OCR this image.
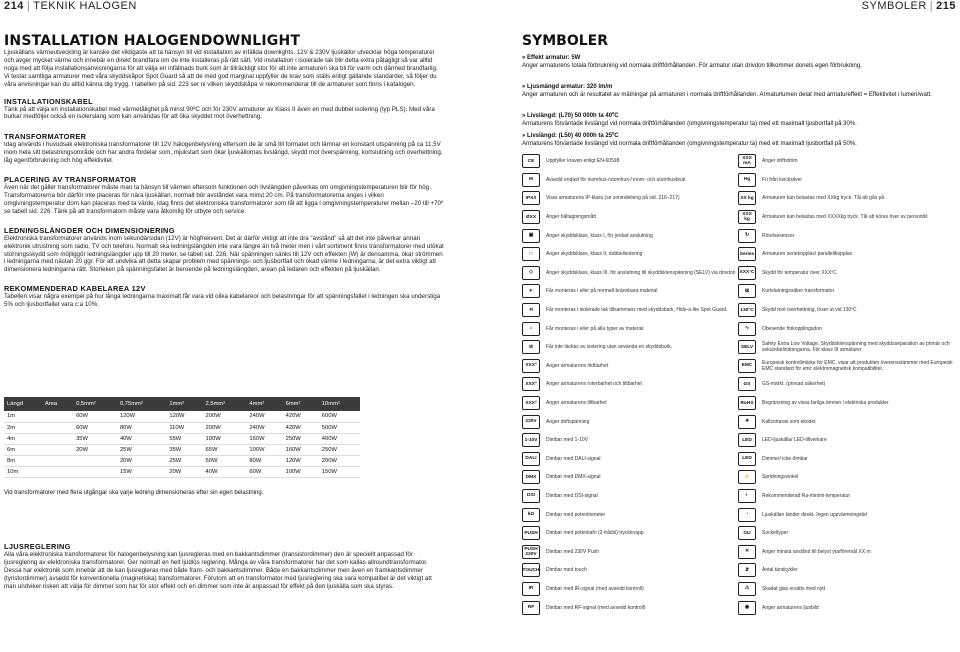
214 | TEKNIK HALOGEN	SYMBOLER | 215
INSTALLATION HALOGENDOWNLIGHT

Ljuskällans värmeutveckling är kanske det viktigaste att ta hänsyn till vid installation av infällda downlights. 12V & 230V ljuskällor utvecklar höga temperaturer och avger mycket värme och innebär en direkt brandfara om de inte installeras på rätt sätt. Vid installation i isolerade tak blir detta extra påtagligt så var alltid noga med att följa installationsanvisningarna för att välja en infällnads burk som är tillräckligt stor för att inte armaturen ska bli för varm och därmed brandfarlig. Vi testar samtliga armaturer med våra skyddskåpor Spot Guard så att de med god marginal uppfyller de krav som ställs enligt gällande standarder, så följer du våra anvisningar kan du alltid känna dig trygg. I tabellen på sid. 223 ser ni vilken skyddskåpa vi rekommenderar till de armaturer som finns i katalogen.

INSTALLATIONSKABEL

Tänk på att välja en installationskabel med värmetålighet på minst 90ºC och för 230V armaturer av Klass II även en med dubbel isolering (typ PLS). Med våra burkar medföljer också en isolerslang som kan användas för att öka skyddet mot överhettning.

TRANSFORMATORER

Idag används i huvudsak elektroniska transformatorer till 12V halogenbelysning eftersom de är små till formatet och lämnar en konstant utspänning på ca 11,5V inom hela sitt belastningsområde och har andra fördelar som, mjukstart som ökar ljuskällornas livslängd, skydd mot överspänning, kortslutning och överhettning, låg egenförbrukning och hög effektivitet.

PLACERING AV TRANSFORMATOR

Även när det gäller transformatorer måste man ta hänsyn till värmen eftersom funktionen och livslängden påverkas om omgivningstemperaturen blir för hög. Transformatorerna bör därför inte placeras för nära ljuskällan, normalt bör avståndet vara minst 20 cm. På transformatorerna anges i vilken omgivningstemperatur dom kan placeras med ta värde, idag finns det elektroniska transformatorer som tål att ligga i omgivningstemperaturer mellan –20 till +70º se tabell sid. 226. Tänk på att transformatorn måste vara åtkomlig för utbyte och service.

LEDNINGSLÄNGDER OCH DIMENSIONERING

Elektroniska transformatorer används inom sekundärsidan (12V) är högfrekvent. Det är därför viktigt att inte dra "avstånd" så att det inte påverkar annan elektronik utrustning som radio, TV och telefoni. Normalt ska ledningslängden inte vara längre än två meter men i vårt sortiment finns transformatorer med utökat störningsskydd som möjliggör ledningslängder upp till 20 meter, se tabell sid. 226. När spänningen sänks till 12V och effekten (W) är densamma, ökar strömmen i ledningarna med nästan 20 ggr. För att undvika att detta skapar problem med spännings- och ljusbortfall och ökad värme i ledningarna, är det extra viktigt att dimensionera ledningarna rätt. Storleken på spänningsfallet är beroende på ledningslängden, arean på ledaren och effekten på ljuskällan.

REKOMMENDERAD KABELAREA 12V

Tabellen visar några exempel på hur långa ledningarna maximalt får vara vid olika kabelareor och belastningar för att spänningsfallet i ledningen ska understiga 5% och ljusbortfallet vara c:a 10%.

Längd	Area	0,5mm²	0,75mm²	1mm²	2,5mm²	4mm²	6mm²	10mm²
1m		60W	120W	120W	200W	240W	420W	600W
2m		60W	80W	110W	200W	240W	420W	500W
4m		35W	40W	55W	100W	160W	250W	400W
6m		20W	25W	35W	65W	100W	160W	250W
8m			20W	25W	50W	80W	120W	200W
10m			15W	20W	40W	60W	100W	150W
Vid transformatorer med flera utgångar ska varje ledning dimensioneras efter sin egen belastning.
LJUSREGLERING

Alla våra elektroniska transformatorer för halogenbelysning kan ljusregleras med en bakkantsdimmer (transistordimmer) den är speciellt anpassad för ljusreglering av elektroniska transformatorer. Ger normalt en helt ljudlös reglering. Många av våra transformatorer har det som kallas allroundtransformator. Dessa har elektronik som innebär att de kan ljusregleras med både fram- och bakkantsdimmer. Både en bakkantsdimmer men även en framkantsdimmer (tyristordimmer) avsedd för konventionella (magnetiska) transformatorer. Förutom att en transformator med ljusreglering ska vara kompatibel är det viktigt att man undviker risken att välja för dimmer som har för stor effekt och en dimmer som inte är anpassad för effekt på den ljuskälla som ska styras.

SYMBOLER
» Effekt armatur: 5W
Anger armaturens totala förbrukning vid normala driftförhållanden. För armatur utan drivdon tillkommer donets egen förbrukning.
» Ljusmängd armatur: 320 lm/m
Anger armaturen och är resultatet av mätningar på armaturen i normala driftförhållanden. Armaturlumen delat med armatureffekt = Effektivitet i lumen/watt.
» Livslängd: (L70) 50 000h ta 40ºC
Armaturens förväntade livslängd vid normala driftförhållanden (omgivningstemperatur ta) med ett maximalt ljusbortfall på 30%.
» Livslängd: (L50) 40 000h ta 25ºC
Armaturens förväntade livslängd vid normala driftförhållanden (omgivningstemperatur ta) med ett maximalt ljusbortfall på 50%.
CE	Uppfyller kraven enligt EN-60598	XXX mA	Anger driftström
M	Avsedd endast för inomhus-/utomhus-/ inom- och utomhusbruk	Hg	Fri från kvicksilver
IPXX	Visar armaturens IP-klass (se zonindelning på sid. 216–217)	XX kg	Armaturen kan belastas med XXkg tryck. Tål att gås på
ØXX	Anger håltagningsmått	XXX kg	Armaturen kan belastas med XXXXkg tryck. Tål att köras över av personbil
▣	Anger skyddsklass, klass I, för jordad anslutning	↻	Rörelsesensor
□	Anger skyddsklass, klass II, dubbelisolering	Series	Armaturen seriekopplas/ parallellkopplas
◇	Anger skyddsklass, klass III, för anslutning till skyddsklenspänning (SELV) via drivdon XXX°C	Skydd för temperatur över XXXºC
F	Får monteras i eller på normalt brännbara material	⊠	Kortslutningssäker transformator
F̸	Får monteras i isolerade tak tillsammans med skyddsburk, Hide-a-lite Spot Guard.	130°C	Skydd mot överhettning, löser ut vid 130ºC
⌂	Får monteras i eller på alla typer av material	∿	Obesende förkopplingsdon
⊘	Får inte täckas av isolering utan använda en skyddsburk.	SELV	Safety Extra Low Voltage. Skyddsklenspänning med skyddsseparation av primär och sekundärlindningarna. För klass III armaturer.
XXXº	Anger armaturens riktbarhet	EMC	Europeisk kontrollmärke för EMC, visar att produkten överensstämmer med Europeisk EMC standard för emc elektromagnetisk kompatibilitet.
XXXº	Anger armaturens roterbarhet och tiltbarhet	GS	GS-märkt. (provad säkerhet)
XXXº	Anger armaturens tiltbarhet	RoHS	Begränsning av vissa farliga ämnen i elektriska produkter
230V	Anger driftspänning	☀	Kallsortaras som ekodet
1-10V	Dimbar med 1-10V	LED	LED-ljuskälla/ LED-tillverkare
DALI	Dimbar med DALI-signal	LED	Dimmer/ icke dimbar
DMX	Dimbar med DMX-signal	⚡	Spridningsvinkel
DSI	Dimbar med DSI-signal	◐	Rekommenderad Ra-minimi-temperatur
kΩ	Dimbar med potentiometer	◔	Ljuskällan tänder direkt. Ingen uppvärmningstid
PUSH	Dimbar med potentiafri (2-trådsl) tryckknapp	GU	Sockeltyper
PUSH 230V	Dimbar med 230V Push	✕	Anger minsta avstånd till belyst yta/föremål XX m
TOUCH Dimbar med touch	⇵	Antal tändcykler
IR	Dimbar med IR-signal (med avsedd kontroll)	⚠	Skadat glas ersätts med nytt
RF	Dimbar med RF-signal (med avsedd kontroll)	◉	Anger armaturens ljusbild
